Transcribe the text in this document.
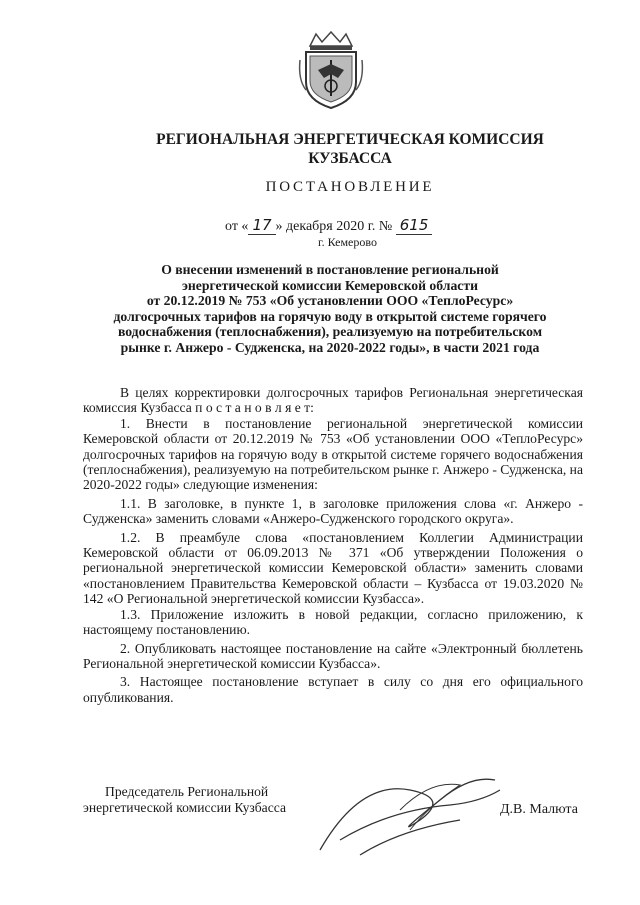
РЕГИОНАЛЬНАЯ ЭНЕРГЕТИЧЕСКАЯ КОМИССИЯ
КУЗБАССА
ПОСТАНОВЛЕНИЕ
от « 17 » декабря 2020 г. № 615
г. Кемерово
О внесении изменений в постановление региональной
энергетической комиссии Кемеровской области
от 20.12.2019 № 753 «Об установлении ООО «ТеплоРесурс»
долгосрочных тарифов на горячую воду в открытой системе горячего
водоснабжения (теплоснабжения), реализуемую на потребительском
рынке г. Анжеро - Судженска, на 2020-2022 годы», в части 2021 года

В целях корректировки долгосрочных тарифов Региональная энергетическая комиссия Кузбасса п о с т а н о в л я е т:

1. Внести в постановление региональной энергетической комиссии Кемеровской области от 20.12.2019 № 753 «Об установлении ООО «ТеплоРесурс» долгосрочных тарифов на горячую воду в открытой системе горячего водоснабжения (теплоснабжения), реализуемую на потребительском рынке г. Анжеро - Судженска, на 2020-2022 годы» следующие изменения:

1.1. В заголовке, в пункте 1, в заголовке приложения слова «г. Анжеро - Судженска» заменить словами «Анжеро-Судженского городского округа».

1.2. В преамбуле слова «постановлением Коллегии Администрации Кемеровской области от 06.09.2013 № 371 «Об утверждении Положения о региональной энергетической комиссии Кемеровской области» заменить словами «постановлением Правительства Кемеровской области – Кузбасса от 19.03.2020 № 142 «О Региональной энергетической комиссии Кузбасса».

1.3. Приложение изложить в новой редакции, согласно приложению, к настоящему постановлению.

2. Опубликовать настоящее постановление на сайте «Электронный бюллетень Региональной энергетической комиссии Кузбасса».

3. Настоящее постановление вступает в силу со дня его официального опубликования.

Председатель Региональной
энергетической комиссии Кузбасса	Д.В. Малюта
